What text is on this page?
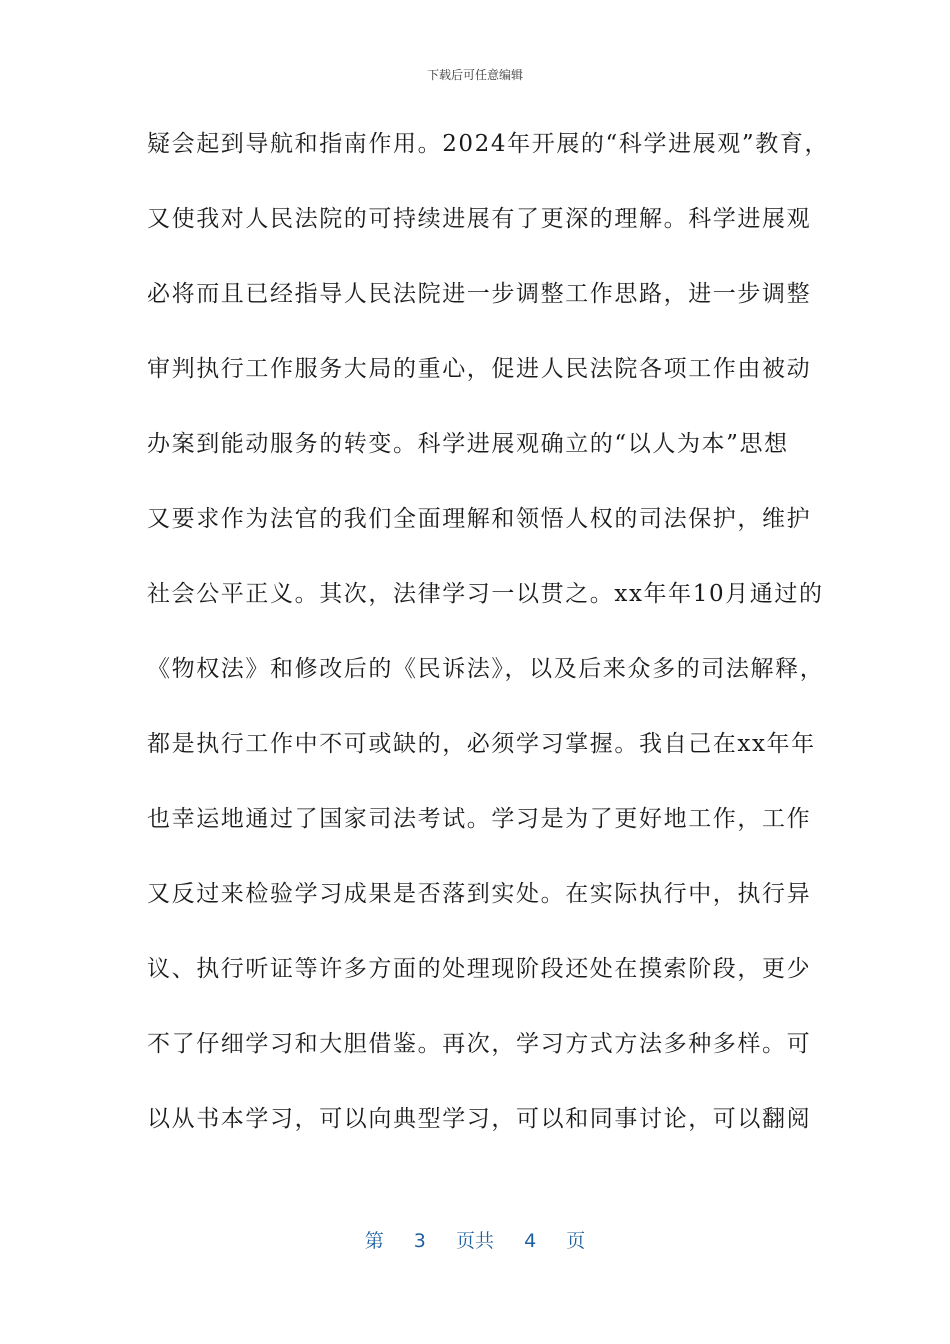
下载后可任意编辑
疑会起到导航和指南作用。2024年开展的“科学进展观”教育，
又使我对人民法院的可持续进展有了更深的理解。科学进展观
必将而且已经指导人民法院进一步调整工作思路，进一步调整
审判执行工作服务大局的重心，促进人民法院各项工作由被动
办案到能动服务的转变。科学进展观确立的“以人为本”思想
又要求作为法官的我们全面理解和领悟人权的司法保护，维护
社会公平正义。其次，法律学习一以贯之。xx年年10月通过的
《物权法》和修改后的《民诉法》，以及后来众多的司法解释，
都是执行工作中不可或缺的，必须学习掌握。我自己在xx年年
也幸运地通过了国家司法考试。学习是为了更好地工作，工作
又反过来检验学习成果是否落到实处。在实际执行中，执行异
议、执行听证等许多方面的处理现阶段还处在摸索阶段，更少
不了仔细学习和大胆借鉴。再次，学习方式方法多种多样。可
以从书本学习，可以向典型学习，可以和同事讨论，可以翻阅
第 3 页共 4 页
